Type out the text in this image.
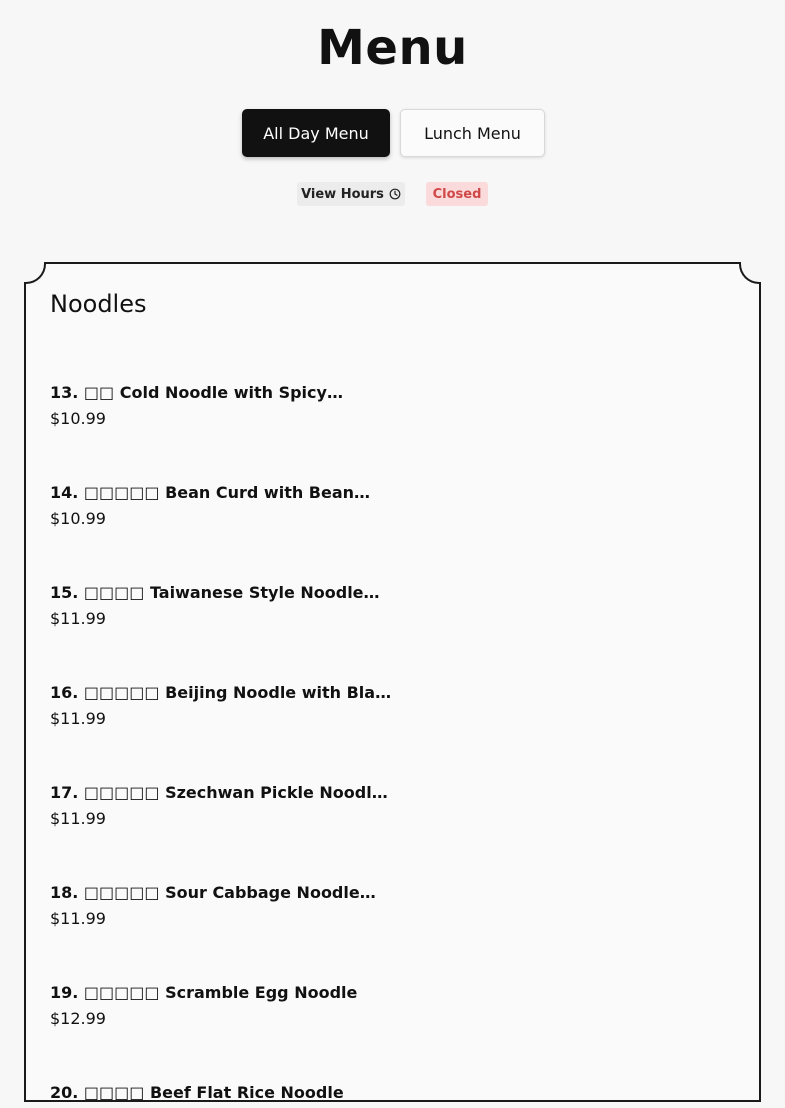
Menu
All Day Menu	Lunch Menu
View Hours	Closed
Noodles
13. □□ Cold Noodle with Spicy…
$10.99
14. □□□□□ Bean Curd with Bean…
$10.99
15. □□□□ Taiwanese Style Noodle…
$11.99
16. □□□□□ Beijing Noodle with Bla…
$11.99
17. □□□□□ Szechwan Pickle Noodl…
$11.99
18. □□□□□ Sour Cabbage Noodle…
$11.99
19. □□□□□ Scramble Egg Noodle
$12.99
20. □□□□ Beef Flat Rice Noodle
